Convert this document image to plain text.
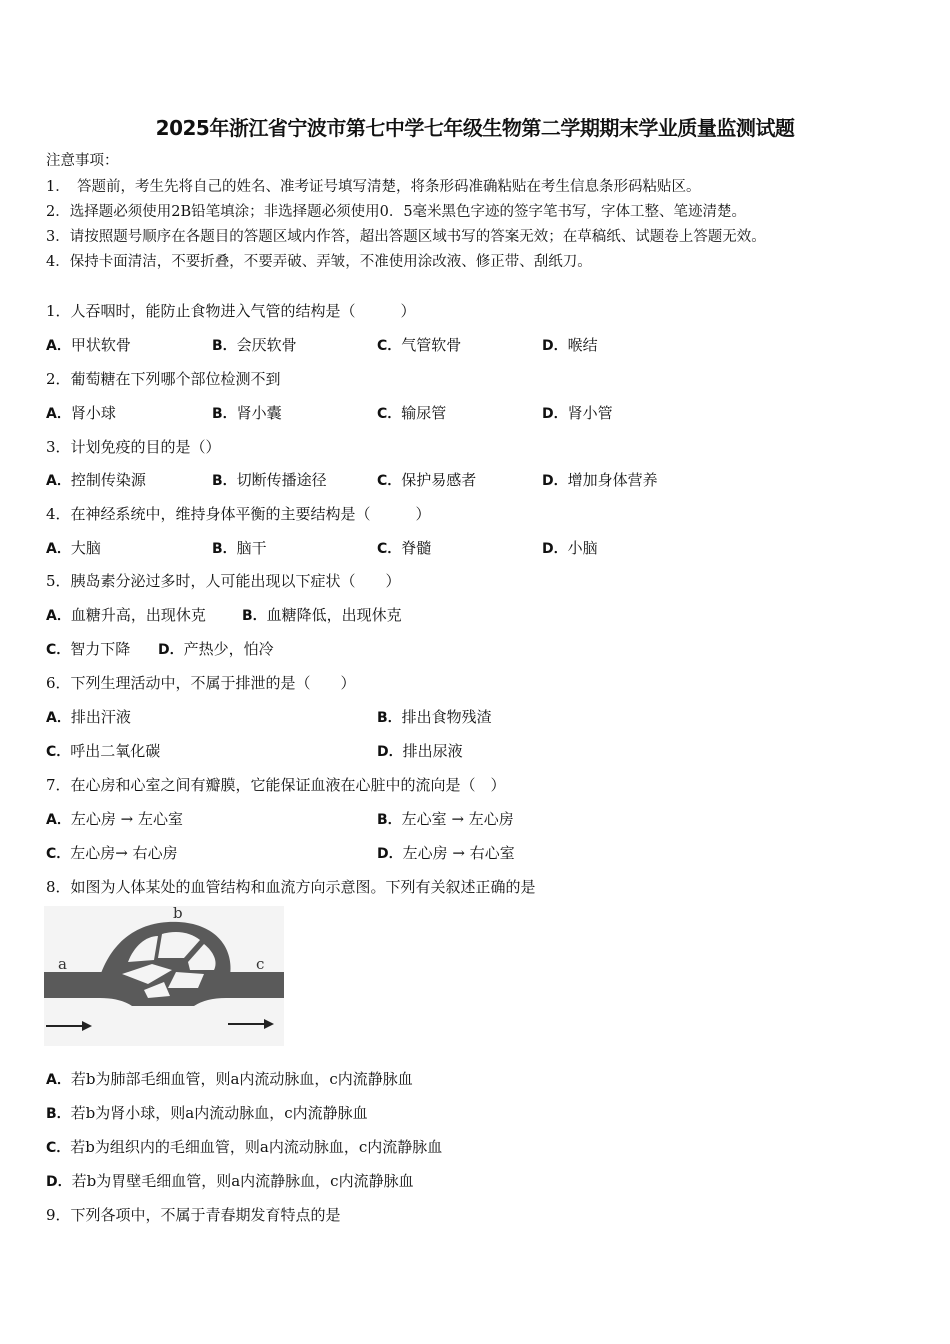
2025年浙江省宁波市第七中学七年级生物第二学期期末学业质量监测试题
注意事项：
1．　答题前，考生先将自己的姓名、准考证号填写清楚，将条形码准确粘贴在考生信息条形码粘贴区。
2．选择题必须使用2B铅笔填涂；非选择题必须使用0．5毫米黑色字迹的签字笔书写，字体工整、笔迹清楚。
3．请按照题号顺序在各题目的答题区域内作答，超出答题区域书写的答案无效；在草稿纸、试题卷上答题无效。
4．保持卡面清洁，不要折叠，不要弄破、弄皱，不准使用涂改液、修正带、刮纸刀。
1．人吞咽时，能防止食物进入气管的结构是（　　　）
A．甲状软骨	B．会厌软骨	C．气管软骨	D．喉结
2．葡萄糖在下列哪个部位检测不到
A．肾小球	B．肾小囊	C．输尿管	D．肾小管
3．计划免疫的目的是（）
A．控制传染源	B．切断传播途径	C．保护易感者	D．增加身体营养
4．在神经系统中，维持身体平衡的主要结构是（　　　）
A．大脑	B．脑干	C．脊髓	D．小脑
5．胰岛素分泌过多时，人可能出现以下症状（　　）
A．血糖升高，出现休克	B．血糖降低，出现休克
C．智力下降 D．产热少，怕冷
6．下列生理活动中，不属于排泄的是（　　）
A．排出汗液	B．排出食物残渣
C．呼出二氧化碳	D．排出尿液
7．在心房和心室之间有瓣膜，它能保证血液在心脏中的流向是（　）
A．左心房 → 左心室	B．左心室 → 左心房
C．左心房→ 右心房	D．左心房 → 右心室
8．如图为人体某处的血管结构和血流方向示意图。下列有关叙述正确的是
b
a	c
A．若b为肺部毛细血管，则a内流动脉血，c内流静脉血
B．若b为肾小球，则a内流动脉血，c内流静脉血
C．若b为组织内的毛细血管，则a内流动脉血，c内流静脉血
D．若b为胃壁毛细血管，则a内流静脉血，c内流静脉血
9．下列各项中，不属于青春期发育特点的是
